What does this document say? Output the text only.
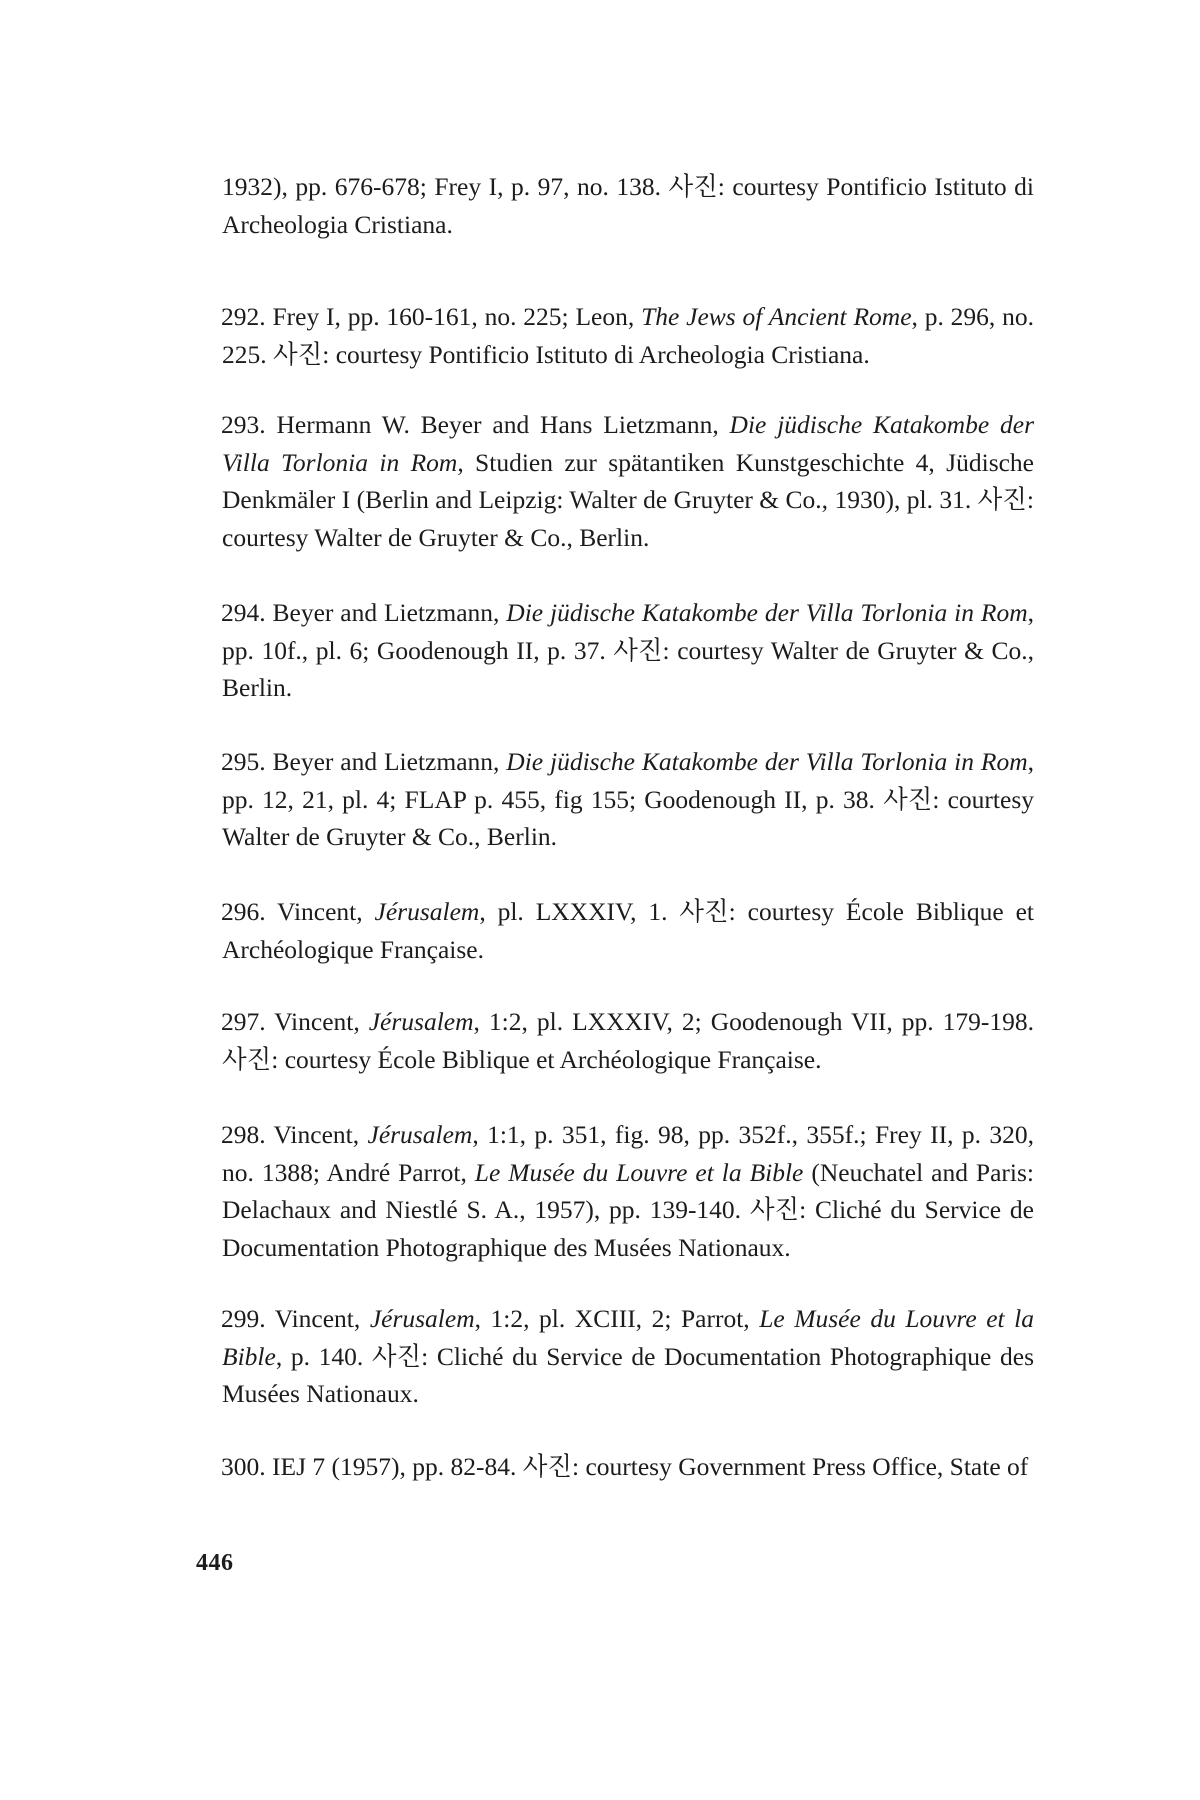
1932), pp. 676-678; Frey I, p. 97, no. 138. 사진: courtesy Pontificio Istituto di Archeologia Cristiana.

292. Frey I, pp. 160-161, no. 225; Leon, The Jews of Ancient Rome, p. 296, no. 225. 사진: courtesy Pontificio Istituto di Archeologia Cristiana.

293. Hermann W. Beyer and Hans Lietzmann, Die jüdische Katakombe der Villa Torlonia in Rom, Studien zur spätantiken Kunstgeschichte 4, Jüdische Denkmäler I (Berlin and Leipzig: Walter de Gruyter & Co., 1930), pl. 31. 사진: courtesy Walter de Gruyter & Co., Berlin.

294. Beyer and Lietzmann, Die jüdische Katakombe der Villa Torlonia in Rom, pp. 10f., pl. 6; Goodenough II, p. 37. 사진: courtesy Walter de Gruyter & Co., Berlin.

295. Beyer and Lietzmann, Die jüdische Katakombe der Villa Torlonia in Rom, pp. 12, 21, pl. 4; FLAP p. 455, fig 155; Goodenough II, p. 38. 사진: courtesy Walter de Gruyter & Co., Berlin.

296. Vincent, Jérusalem, pl. LXXXIV, 1. 사진: courtesy École Biblique et Archéologique Française.

297. Vincent, Jérusalem, 1:2, pl. LXXXIV, 2; Goodenough VII, pp. 179-198. 사진: courtesy École Biblique et Archéologique Française.

298. Vincent, Jérusalem, 1:1, p. 351, fig. 98, pp. 352f., 355f.; Frey II, p. 320, no. 1388; André Parrot, Le Musée du Louvre et la Bible (Neuchatel and Paris: Delachaux and Niestlé S. A., 1957), pp. 139-140. 사진: Cliché du Service de Documentation Photographique des Musées Nationaux.

299. Vincent, Jérusalem, 1:2, pl. XCIII, 2; Parrot, Le Musée du Louvre et la Bible, p. 140. 사진: Cliché du Service de Documentation Photographique des Musées Nationaux.

300. IEJ 7 (1957), pp. 82-84. 사진: courtesy Government Press Office, State of

446
